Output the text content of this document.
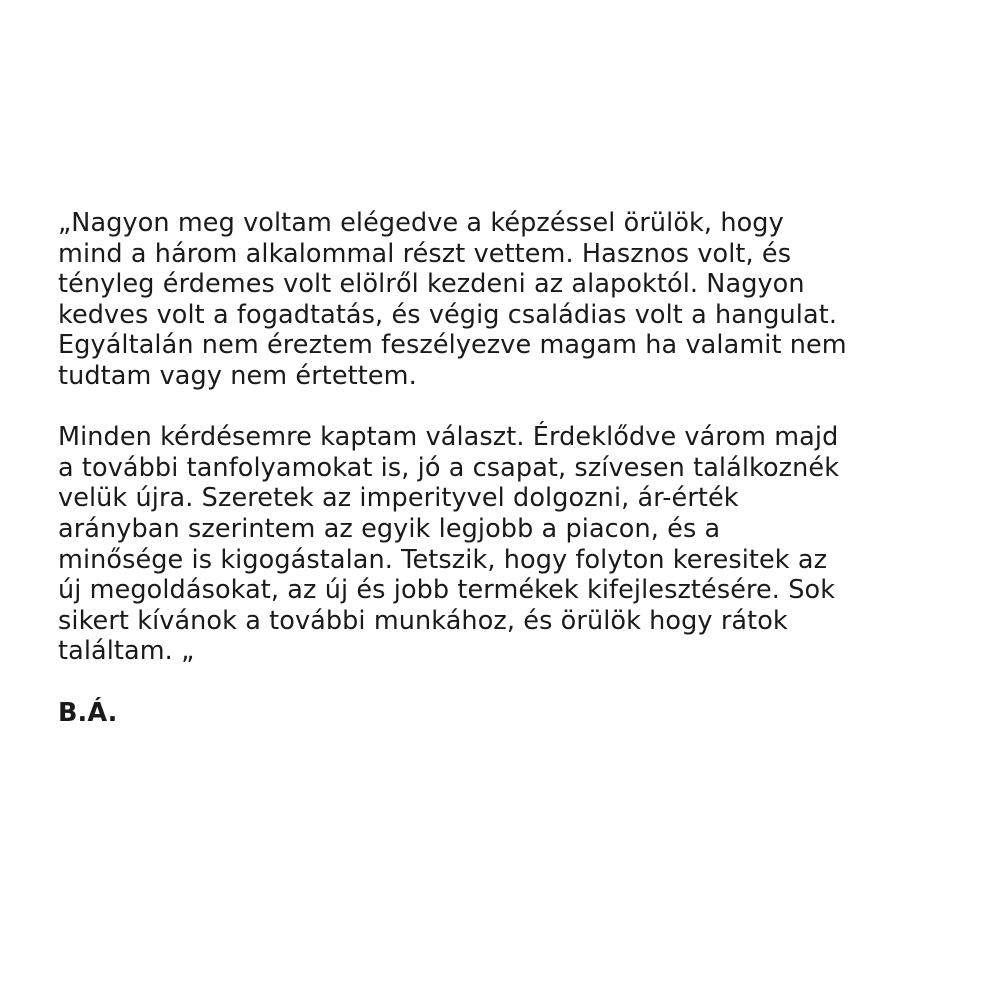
„Nagyon meg voltam elégedve a képzéssel örülök, hogy
mind a három alkalommal részt vettem. Hasznos volt, és
tényleg érdemes volt elölről kezdeni az alapoktól. Nagyon
kedves volt a fogadtatás, és végig családias volt a hangulat.
Egyáltalán nem éreztem feszélyezve magam ha valamit nem
tudtam vagy nem értettem.

Minden kérdésemre kaptam választ. Érdeklődve várom majd
a további tanfolyamokat is, jó a csapat, szívesen találkoznék
velük újra. Szeretek az imperityvel dolgozni, ár-érték
arányban szerintem az egyik legjobb a piacon, és a
minősége is kigogástalan. Tetszik, hogy folyton keresitek az
új megoldásokat, az új és jobb termékek kifejlesztésére. Sok
sikert kívánok a további munkához, és örülök hogy rátok
találtam. „

B.Á.
